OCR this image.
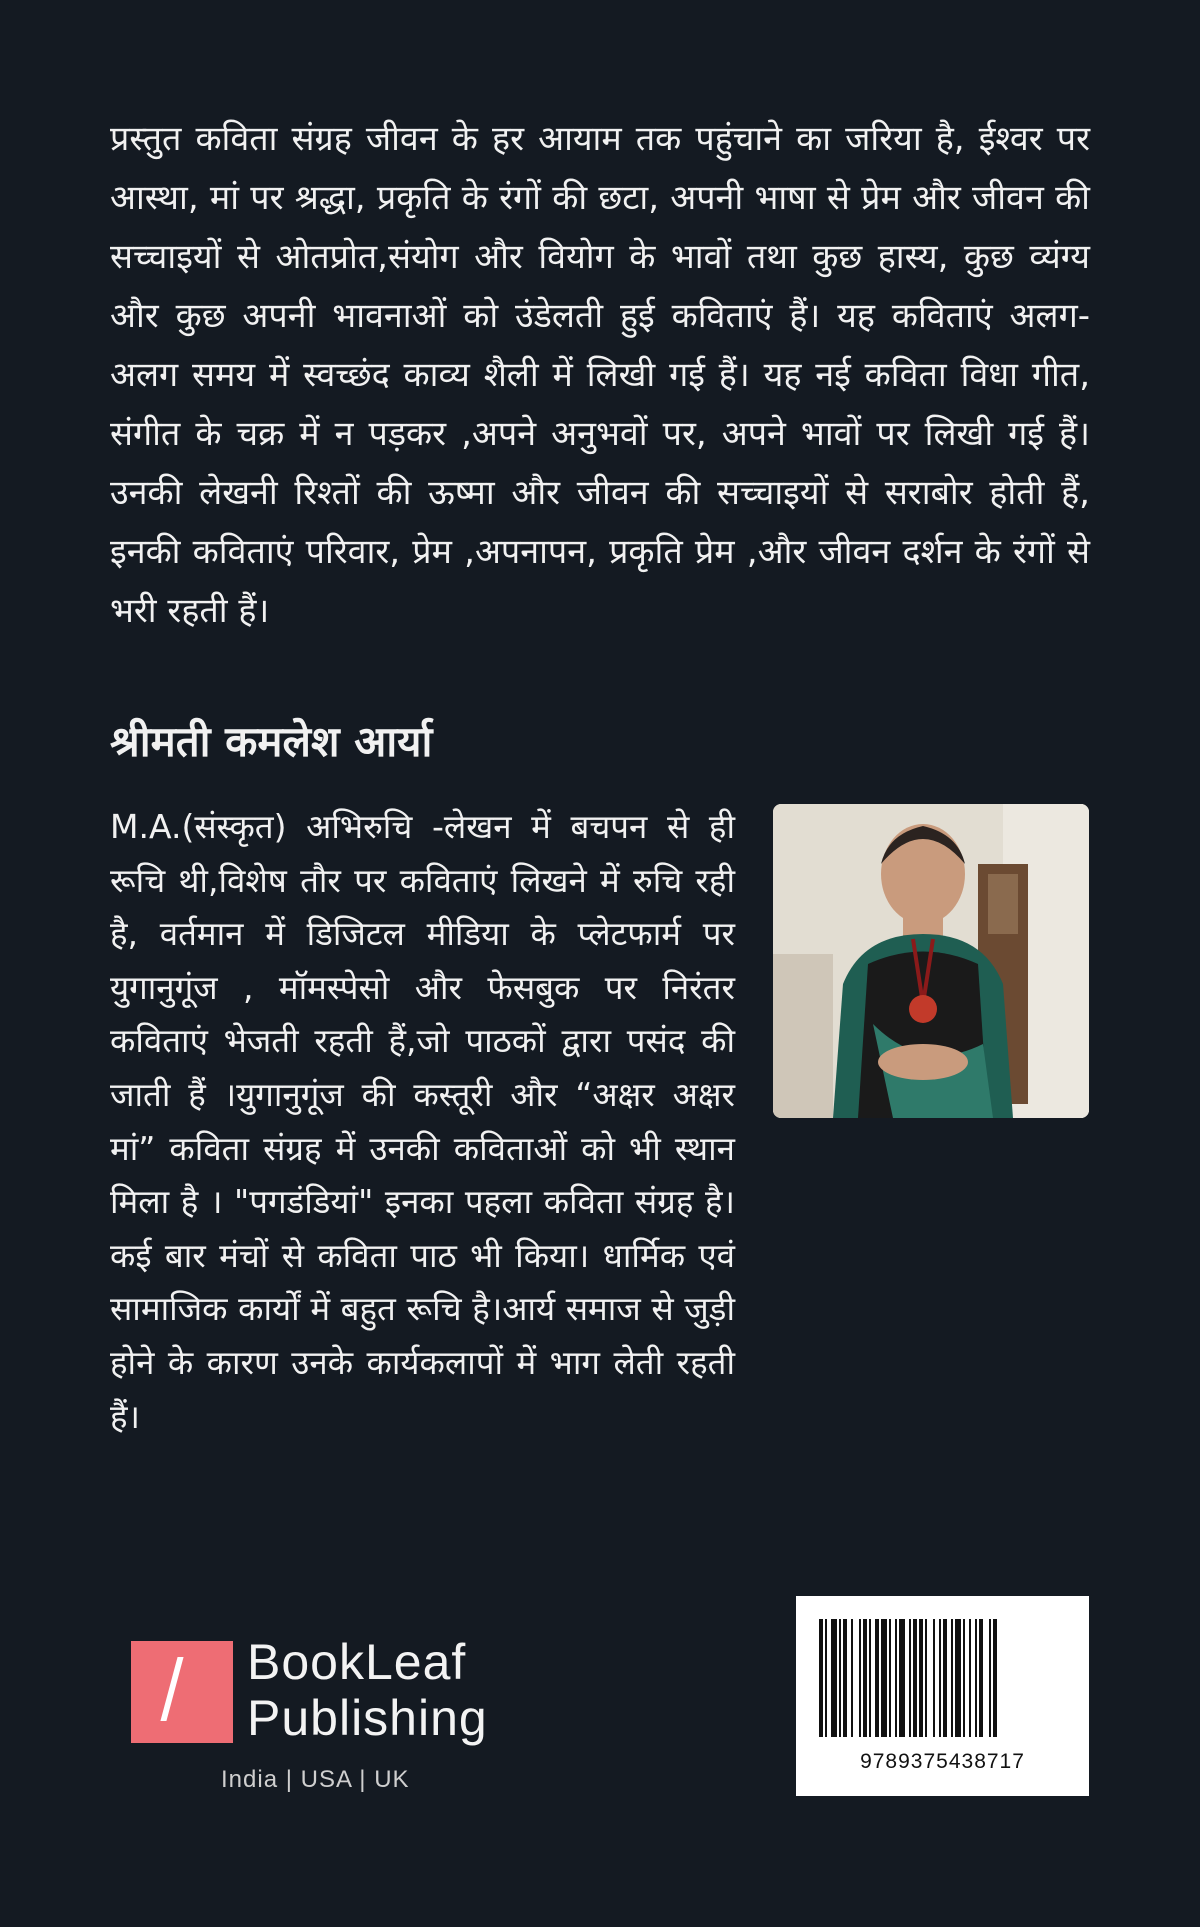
प्रस्तुत कविता संग्रह जीवन के हर आयाम तक पहुंचाने का जरिया है, ईश्वर पर आस्था, मां पर श्रद्धा, प्रकृति के रंगों की छटा, अपनी भाषा से प्रेम और जीवन की सच्चाइयों से ओतप्रोत,संयोग और वियोग के भावों तथा कुछ हास्य, कुछ व्यंग्य और कुछ अपनी भावनाओं को उंडेलती हुई कविताएं हैं। यह कविताएं अलग-अलग समय में स्वच्छंद काव्य शैली में लिखी गई हैं। यह नई कविता विधा गीत, संगीत के चक्र में न पड़कर ,अपने अनुभवों पर, अपने भावों पर लिखी गई हैं। उनकी लेखनी रिश्तों की ऊष्मा और जीवन की सच्चाइयों से सराबोर होती हैं, इनकी कविताएं परिवार, प्रेम ,अपनापन, प्रकृति प्रेम ,और जीवन दर्शन के रंगों से भरी रहती हैं।

श्रीमती कमलेश आर्या

M.A.(संस्कृत) अभिरुचि -लेखन में बचपन से ही रूचि थी,विशेष तौर पर कविताएं लिखने में रुचि रही है, वर्तमान में डिजिटल मीडिया के प्लेटफार्म पर युगानुगूंज , मॉमस्पेसो और फेसबुक पर निरंतर कविताएं भेजती रहती हैं,जो पाठकों द्वारा पसंद की जाती हैं ।युगानुगूंज की कस्तूरी और “अक्षर अक्षर मां” कविता संग्रह में उनकी कविताओं को भी स्थान मिला है । "पगडंडियां" इनका पहला कविता संग्रह है। कई बार मंचों से कविता पाठ भी किया। धार्मिक एवं सामाजिक कार्यों में बहुत रूचि है।आर्य समाज से जुड़ी होने के कारण उनके कार्यकलापों में भाग लेती रहती हैं।

BookLeaf
Publishing
India | USA | UK
9789375438717
